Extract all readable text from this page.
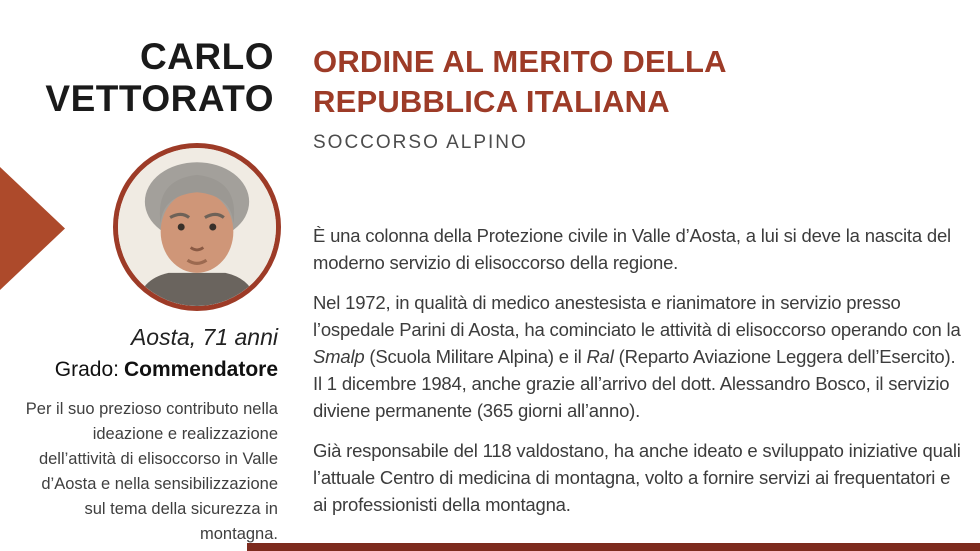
CARLO
VETTORATO
Aosta, 71 anni
Grado: Commendatore
Per il suo prezioso contributo nella ideazione e realizzazione dell’attività di elisoccorso in Valle d’Aosta e nella sensibilizzazione sul tema della sicurezza in montagna.
ORDINE AL MERITO DELLA
REPUBBLICA ITALIANA
SOCCORSO ALPINO

È una colonna della Protezione civile in Valle d’Aosta, a lui si deve la nascita del moderno servizio di elisoccorso della regione.

Nel 1972, in qualità di medico anestesista e rianimatore in servizio presso l’ospedale Parini di Aosta, ha cominciato le attività di elisoccorso operando con la Smalp (Scuola Militare Alpina) e il Ral (Reparto Aviazione Leggera dell’Esercito). Il 1 dicembre 1984, anche grazie all’arrivo del dott. Alessandro Bosco, il servizio diviene permanente (365 giorni all’anno).

Già responsabile del 118 valdostano, ha anche ideato e sviluppato iniziative quali l’attuale Centro di medicina di montagna, volto a fornire servizi ai frequentatori e ai professionisti della montagna.
